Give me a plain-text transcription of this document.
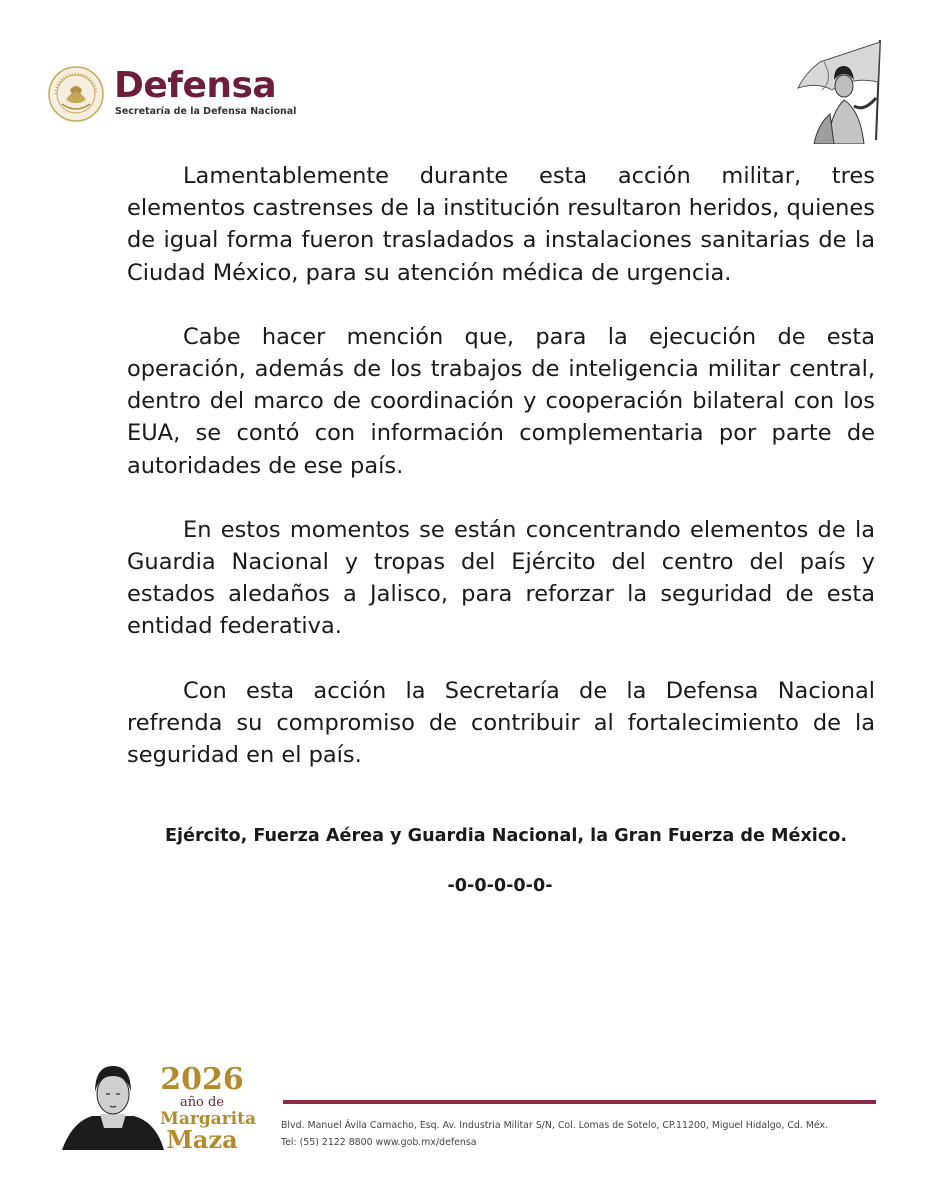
Defensa
Secretaría de la Defensa Nacional

Lamentablemente durante esta acción militar, tres elementos castrenses de la institución resultaron heridos, quienes de igual forma fueron trasladados a instalaciones sanitarias de la Ciudad México, para su atención médica de urgencia.

Cabe hacer mención que, para la ejecución de esta operación, además de los trabajos de inteligencia militar central, dentro del marco de coordinación y cooperación bilateral con los EUA, se contó con información complementaria por parte de autoridades de ese país.

En estos momentos se están concentrando elementos de la Guardia Nacional y tropas del Ejército del centro del país y estados aledaños a Jalisco, para reforzar la seguridad de esta entidad federativa.

Con esta acción la Secretaría de la Defensa Nacional refrenda su compromiso de contribuir al fortalecimiento de la seguridad en el país.

Ejército, Fuerza Aérea y Guardia Nacional, la Gran Fuerza de México.
-0-0-0-0-0-
2026
año de
Margarita
Maza	Blvd. Manuel Ávila Camacho, Esq. Av. Industria Militar S/N, Col. Lomas de Sotelo, CP.11200, Miguel Hidalgo, Cd. Méx.
Tel: (55) 2122 8800 www.gob.mx/defensa
